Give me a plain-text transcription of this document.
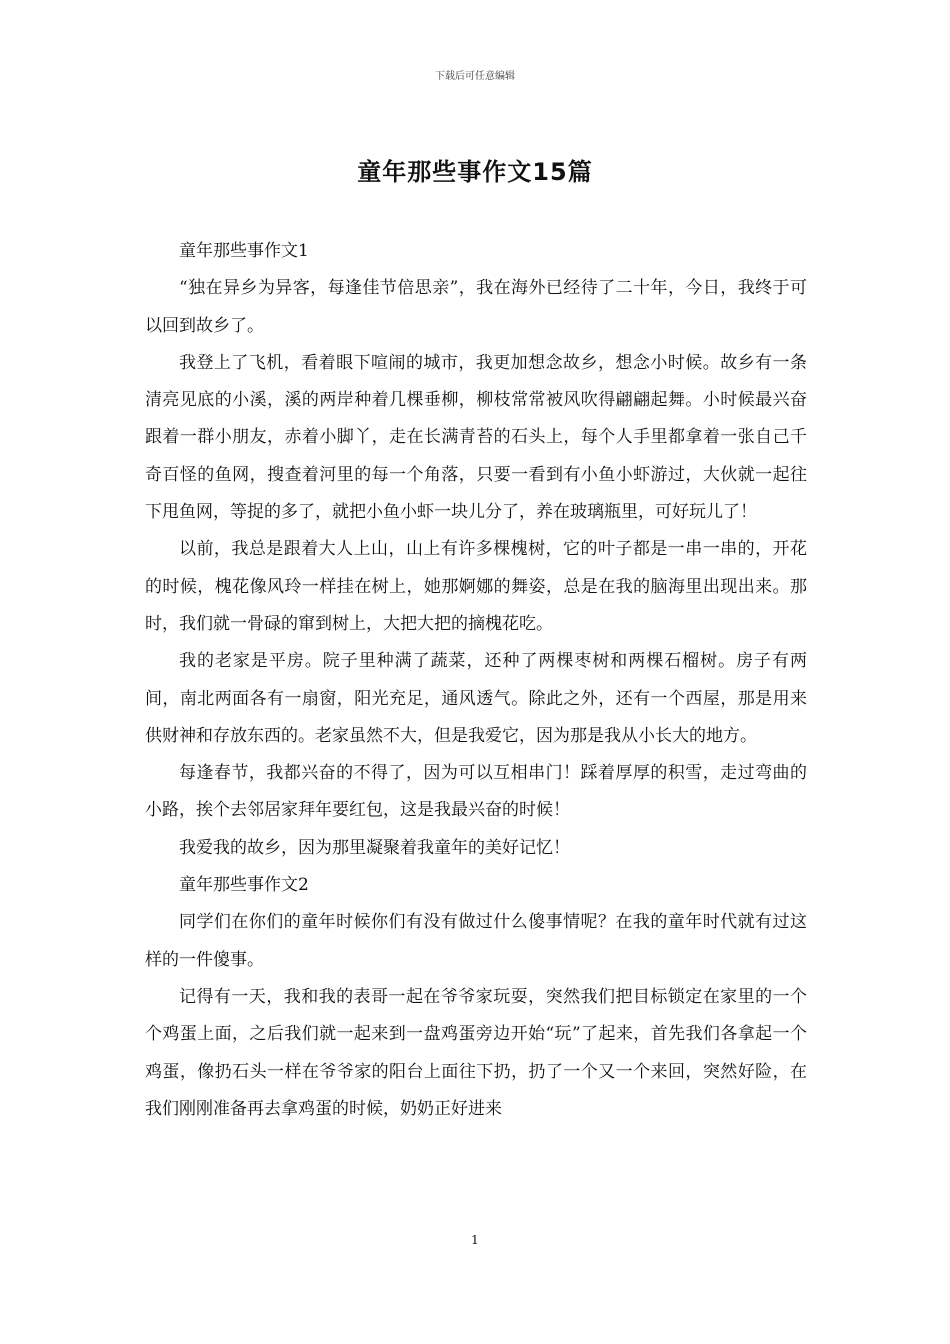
下载后可任意编辑
童年那些事作文15篇

童年那些事作文1

“独在异乡为异客，每逢佳节倍思亲”，我在海外已经待了二十年，今日，我终于可以回到故乡了。

我登上了飞机，看着眼下喧闹的城市，我更加想念故乡，想念小时候。故乡有一条清亮见底的小溪，溪的两岸种着几棵垂柳，柳枝常常被风吹得翩翩起舞。小时候最兴奋跟着一群小朋友，赤着小脚丫，走在长满青苔的石头上，每个人手里都拿着一张自己千奇百怪的鱼网，搜查着河里的每一个角落，只要一看到有小鱼小虾游过，大伙就一起往下甩鱼网，等捉的多了，就把小鱼小虾一块儿分了，养在玻璃瓶里，可好玩儿了！

以前，我总是跟着大人上山，山上有许多棵槐树，它的叶子都是一串一串的，开花的时候，槐花像风玲一样挂在树上，她那婀娜的舞姿，总是在我的脑海里出现出来。那时，我们就一骨碌的窜到树上，大把大把的摘槐花吃。

我的老家是平房。院子里种满了蔬菜，还种了两棵枣树和两棵石榴树。房子有两间，南北两面各有一扇窗，阳光充足，通风透气。除此之外，还有一个西屋，那是用来供财神和存放东西的。老家虽然不大，但是我爱它，因为那是我从小长大的地方。

每逢春节，我都兴奋的不得了，因为可以互相串门！踩着厚厚的积雪，走过弯曲的小路，挨个去邻居家拜年要红包，这是我最兴奋的时候！

我爱我的故乡，因为那里凝聚着我童年的美好记忆！

童年那些事作文2

同学们在你们的童年时候你们有没有做过什么傻事情呢？在我的童年时代就有过这样的一件傻事。

记得有一天，我和我的表哥一起在爷爷家玩耍，突然我们把目标锁定在家里的一个个鸡蛋上面，之后我们就一起来到一盘鸡蛋旁边开始“玩”了起来，首先我们各拿起一个鸡蛋，像扔石头一样在爷爷家的阳台上面往下扔，扔了一个又一个来回，突然好险，在我们刚刚准备再去拿鸡蛋的时候，奶奶正好进来

1
